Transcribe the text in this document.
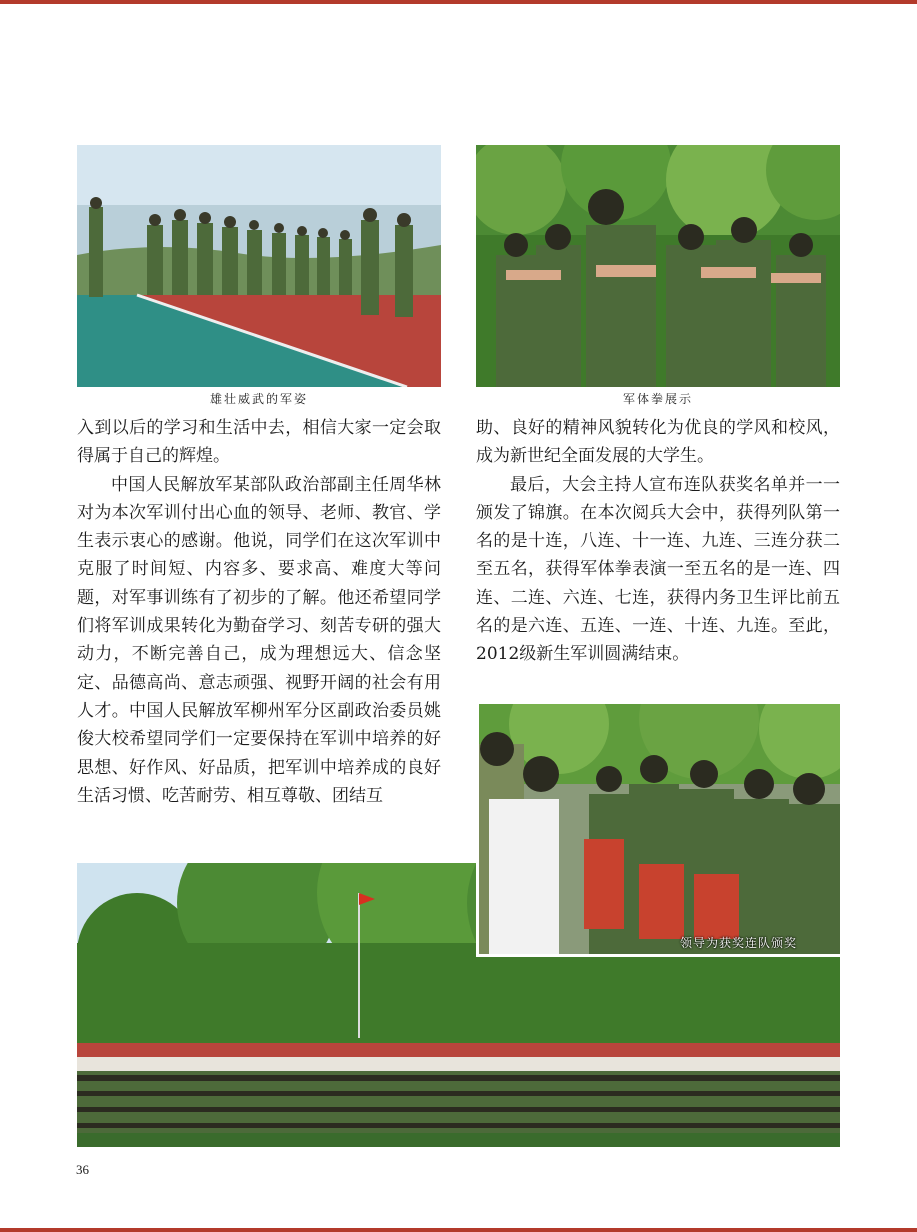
雄壮威武的军姿	军体拳展示

入到以后的学习和生活中去，相信大家一定会取得属于自己的辉煌。

中国人民解放军某部队政治部副主任周华林对为本次军训付出心血的领导、老师、教官、学生表示衷心的感谢。他说，同学们在这次军训中克服了时间短、内容多、要求高、难度大等问题，对军事训练有了初步的了解。他还希望同学们将军训成果转化为勤奋学习、刻苦专研的强大动力，不断完善自己，成为理想远大、信念坚定、品德高尚、意志顽强、视野开阔的社会有用人才。中国人民解放军柳州军分区副政治委员姚俊大校希望同学们一定要保持在军训中培养的好思想、好作风、好品质，把军训中培养成的良好生活习惯、吃苦耐劳、相互尊敬、团结互

助、良好的精神风貌转化为优良的学风和校风，成为新世纪全面发展的大学生。

最后，大会主持人宣布连队获奖名单并一一颁发了锦旗。在本次阅兵大会中，获得列队第一名的是十连，八连、十一连、九连、三连分获二至五名，获得军体拳表演一至五名的是一连、四连、二连、六连、七连，获得内务卫生评比前五名的是六连、五连、一连、十连、九连。至此，2012级新生军训圆满结束。

领导为获奖连队颁奖
36
